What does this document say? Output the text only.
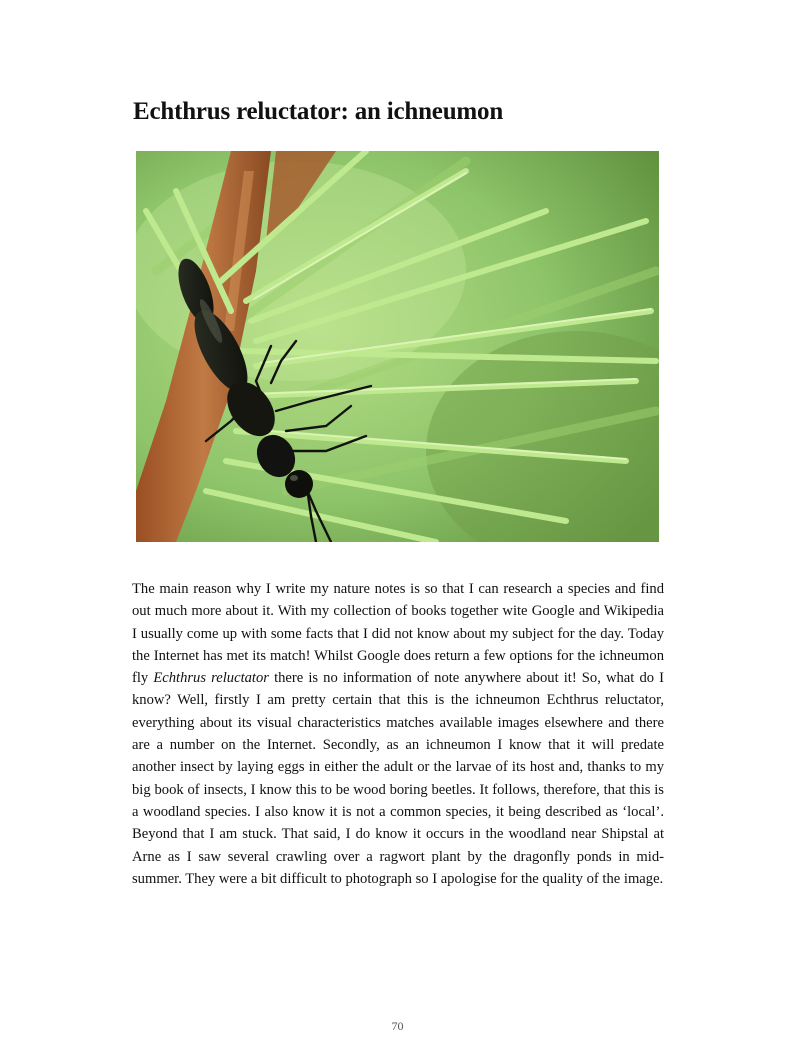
Echthrus reluctator: an ichneumon

The main reason why I write my nature notes is so that I can research a species and find out much more about it. With my collection of books together wite Google and Wikipedia I usually come up with some facts that I did not know about my subject for the day. Today the Internet has met its match! Whilst Google does return a few options for the ichneumon fly Echthrus reluctator there is no information of note anywhere about it! So, what do I know? Well, firstly I am pretty certain that this is the ichneumon Echthrus reluctator, everything about its visual characteristics matches available images elsewhere and there are a number on the Internet. Secondly, as an ichneumon I know that it will predate another insect by laying eggs in either the adult or the larvae of its host and, thanks to my big book of insects, I know this to be wood boring beetles. It follows, therefore, that this is a woodland species. I also know it is not a common species, it being described as ‘local’. Beyond that I am stuck. That said, I do know it occurs in the woodland near Shipstal at Arne as I saw several crawling over a ragwort plant by the dragonfly ponds in mid-summer. They were a bit difficult to photograph so I apologise for the quality of the image.

70
